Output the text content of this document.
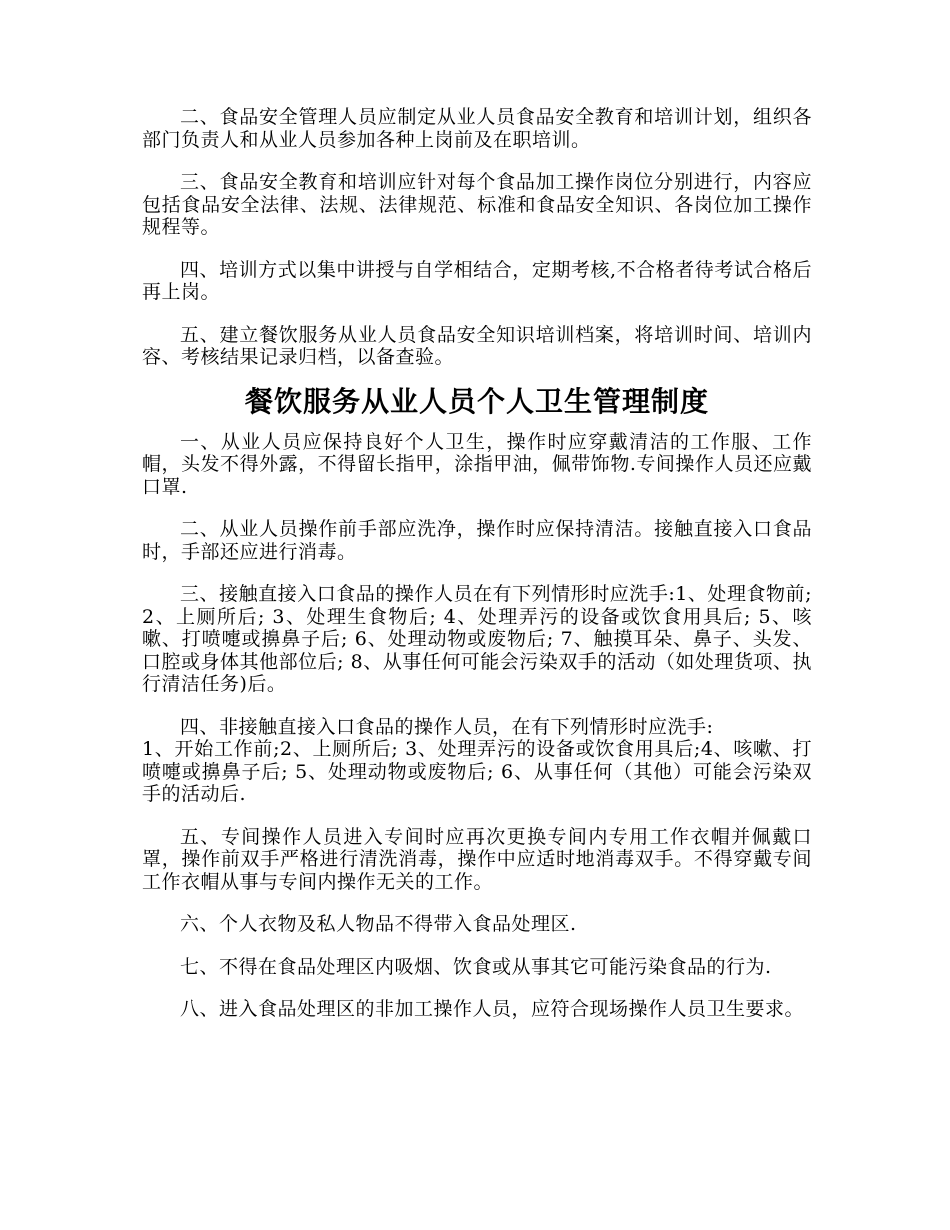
二、食品安全管理人员应制定从业人员食品安全教育和培训计划，组织各部门负责人和从业人员参加各种上岗前及在职培训。

三、食品安全教育和培训应针对每个食品加工操作岗位分别进行，内容应包括食品安全法律、法规、法律规范、标准和食品安全知识、各岗位加工操作规程等。

四、培训方式以集中讲授与自学相结合，定期考核,不合格者待考试合格后再上岗。

五、建立餐饮服务从业人员食品安全知识培训档案，将培训时间、培训内容、考核结果记录归档，以备查验。

餐饮服务从业人员个人卫生管理制度

一、从业人员应保持良好个人卫生，操作时应穿戴清洁的工作服、工作帽，头发不得外露，不得留长指甲，涂指甲油，佩带饰物.专间操作人员还应戴口罩.

二、从业人员操作前手部应洗净，操作时应保持清洁。接触直接入口食品时，手部还应进行消毒。

三、接触直接入口食品的操作人员在有下列情形时应洗手:1、处理食物前; 2、上厕所后; 3、处理生食物后; 4、处理弄污的设备或饮食用具后; 5、咳嗽、打喷嚏或擤鼻子后; 6、处理动物或废物后; 7、触摸耳朵、鼻子、头发、口腔或身体其他部位后; 8、从事任何可能会污染双手的活动（如处理货项、执行清洁任务)后。

四、非接触直接入口食品的操作人员，在有下列情形时应洗手:
1、开始工作前;2、上厕所后; 3、处理弄污的设备或饮食用具后;4、咳嗽、打喷嚏或擤鼻子后; 5、处理动物或废物后; 6、从事任何（其他）可能会污染双手的活动后.

五、专间操作人员进入专间时应再次更换专间内专用工作衣帽并佩戴口罩，操作前双手严格进行清洗消毒，操作中应适时地消毒双手。不得穿戴专间工作衣帽从事与专间内操作无关的工作。

六、个人衣物及私人物品不得带入食品处理区.

七、不得在食品处理区内吸烟、饮食或从事其它可能污染食品的行为.

八、进入食品处理区的非加工操作人员，应符合现场操作人员卫生要求。
